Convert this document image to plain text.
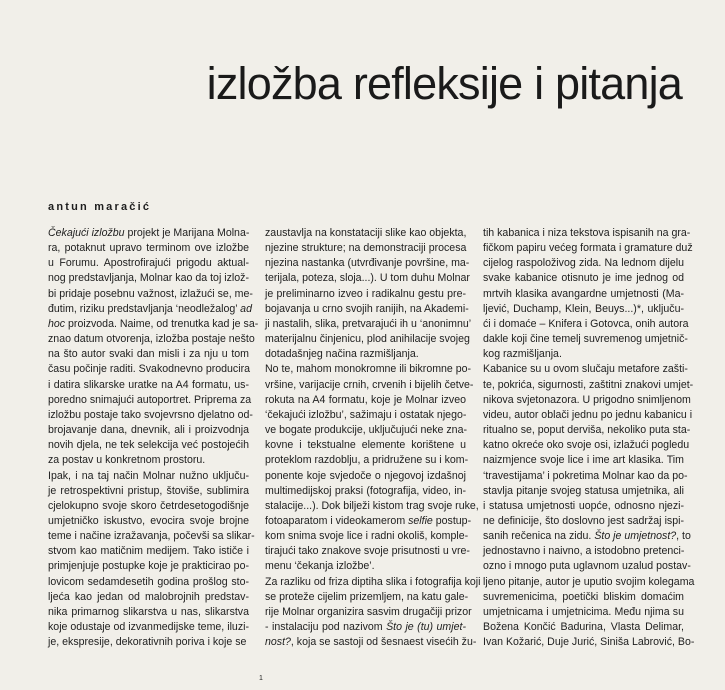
izložba refleksije i pitanja
antun maračić

Čekajući izložbu projekt je Marijana Molna-
ra, potaknut upravo terminom ove izložbe
u Forumu. Apostrofirajući prigodu aktual-
nog predstavljanja, Molnar kao da toj izlož-
bi pridaje posebnu važnost, izlažući se, me-
đutim, riziku predstavljanja ‘neodležalog’ ad
hoc proizvoda. Naime, od trenutka kad je sa-
znao datum otvorenja, izložba postaje nešto
na što autor svaki dan misli i za nju u tom
času počinje raditi. Svakodnevno producira
i datira slikarske uratke na A4 formatu, us-
poredno snimajući autoportret. Priprema za
izložbu postaje tako svojevrsno djelatno od-
brojavanje dana, dnevnik, ali i proizvodnja
novih djela, ne tek selekcija već postojećih
za postav u konkretnom prostoru.

Ipak, i na taj način Molnar nužno uključu-
je retrospektivni pristup, štoviše, sublimira
cjelokupno svoje skoro četrdesetogodišnje
umjetničko iskustvo, evocira svoje brojne
teme i načine izražavanja, počevši sa slikar-
stvom kao matičnim medijem. Tako ističe i
primjenjuje postupke koje je prakticirao po-
lovicom sedamdesetih godina prošlog sto-
ljeća kao jedan od malobrojnih predstav-
nika primarnog slikarstva u nas, slikarstva
koje odustaje od izvanmedijske teme, iluzi-
je, ekspresije, dekorativnih poriva i koje se

zaustavlja na konstataciji slike kao objekta,
njezine strukture; na demonstraciji procesa
njezina nastanka (utvrđivanje površine, ma-
terijala, poteza, sloja...). U tom duhu Molnar
je preliminarno izveo i radikalnu gestu pre-
bojavanja u crno svojih ranijih, na Akademi-
ji nastalih, slika, pretvarajući ih u ‘anonimnu’
materijalnu činjenicu, plod anihilacije svojeg
dotadašnjeg načina razmišljanja.

No te, mahom monokromne ili bikromne po-
vršine, varijacije crnih, crvenih i bijelih četve-
rokuta na A4 formatu, koje je Molnar izveo
‘čekajući izložbu’, sažimaju i ostatak njego-
ve bogate produkcije, uključujući neke zna-
kovne i tekstualne elemente korištene u
proteklom razdoblju, a pridružene su i kom-
ponente koje svjedoče o njegovoj izdašnoj
multimedijskoj praksi (fotografija, video, in-
stalacije...). Dok bilježi kistom trag svoje ruke,
fotoaparatom i videokamerom selfie postup-
kom snima svoje lice i radni okoliš, komple-
tirajući tako znakove svoje prisutnosti u vre-
menu ‘čekanja izložbe’.

Za razliku od friza diptiha slika i fotografija koji
se proteže cijelim prizemljem, na katu gale-
rije Molnar organizira sasvim drugačiji prizor
- instalaciju pod nazivom Što je (tu) umjet-
nost?, koja se sastoji od šesnaest visećih žu-

tih kabanica i niza tekstova ispisanih na gra-
fičkom papiru većeg formata i gramature duž
cijelog raspoloživog zida. Na lednom dijelu
svake kabanice otisnuto je ime jednog od
mrtvih klasika avangardne umjetnosti (Ma-
ljević, Duchamp, Klein, Beuys...)*, uključu-
ći i domaće – Knifera i Gotovca, onih autora
dakle koji čine temelj suvremenog umjetnič-
kog razmišljanja.

Kabanice su u ovom slučaju metafore zašti-
te, pokrića, sigurnosti, zaštitni znakovi umjet-
nikova svjetonazora. U prigodno snimljenom
videu, autor oblači jednu po jednu kabanicu i
ritualno se, poput derviša, nekoliko puta sta-
katno okreće oko svoje osi, izlažući pogledu
naizmjence svoje lice i ime art klasika. Tim
‘travestijama’ i pokretima Molnar kao da po-
stavlja pitanje svojeg statusa umjetnika, ali
i statusa umjetnosti uopće, odnosno njezi-
ne definicije, što doslovno jest sadržaj ispi-
sanih rečenica na zidu. Što je umjetnost?, to
jednostavno i naivno, a istodobno pretenci-
ozno i mnogo puta uglavnom uzalud postav-
ljeno pitanje, autor je uputio svojim kolegama
suvremenicima, poetički bliskim domaćim
umjetnicama i umjetnicima. Među njima su
Božena Končić Badurina, Vlasta Delimar,
Ivan Kožarić, Duje Jurić, Siniša Labrović, Bo-

1
